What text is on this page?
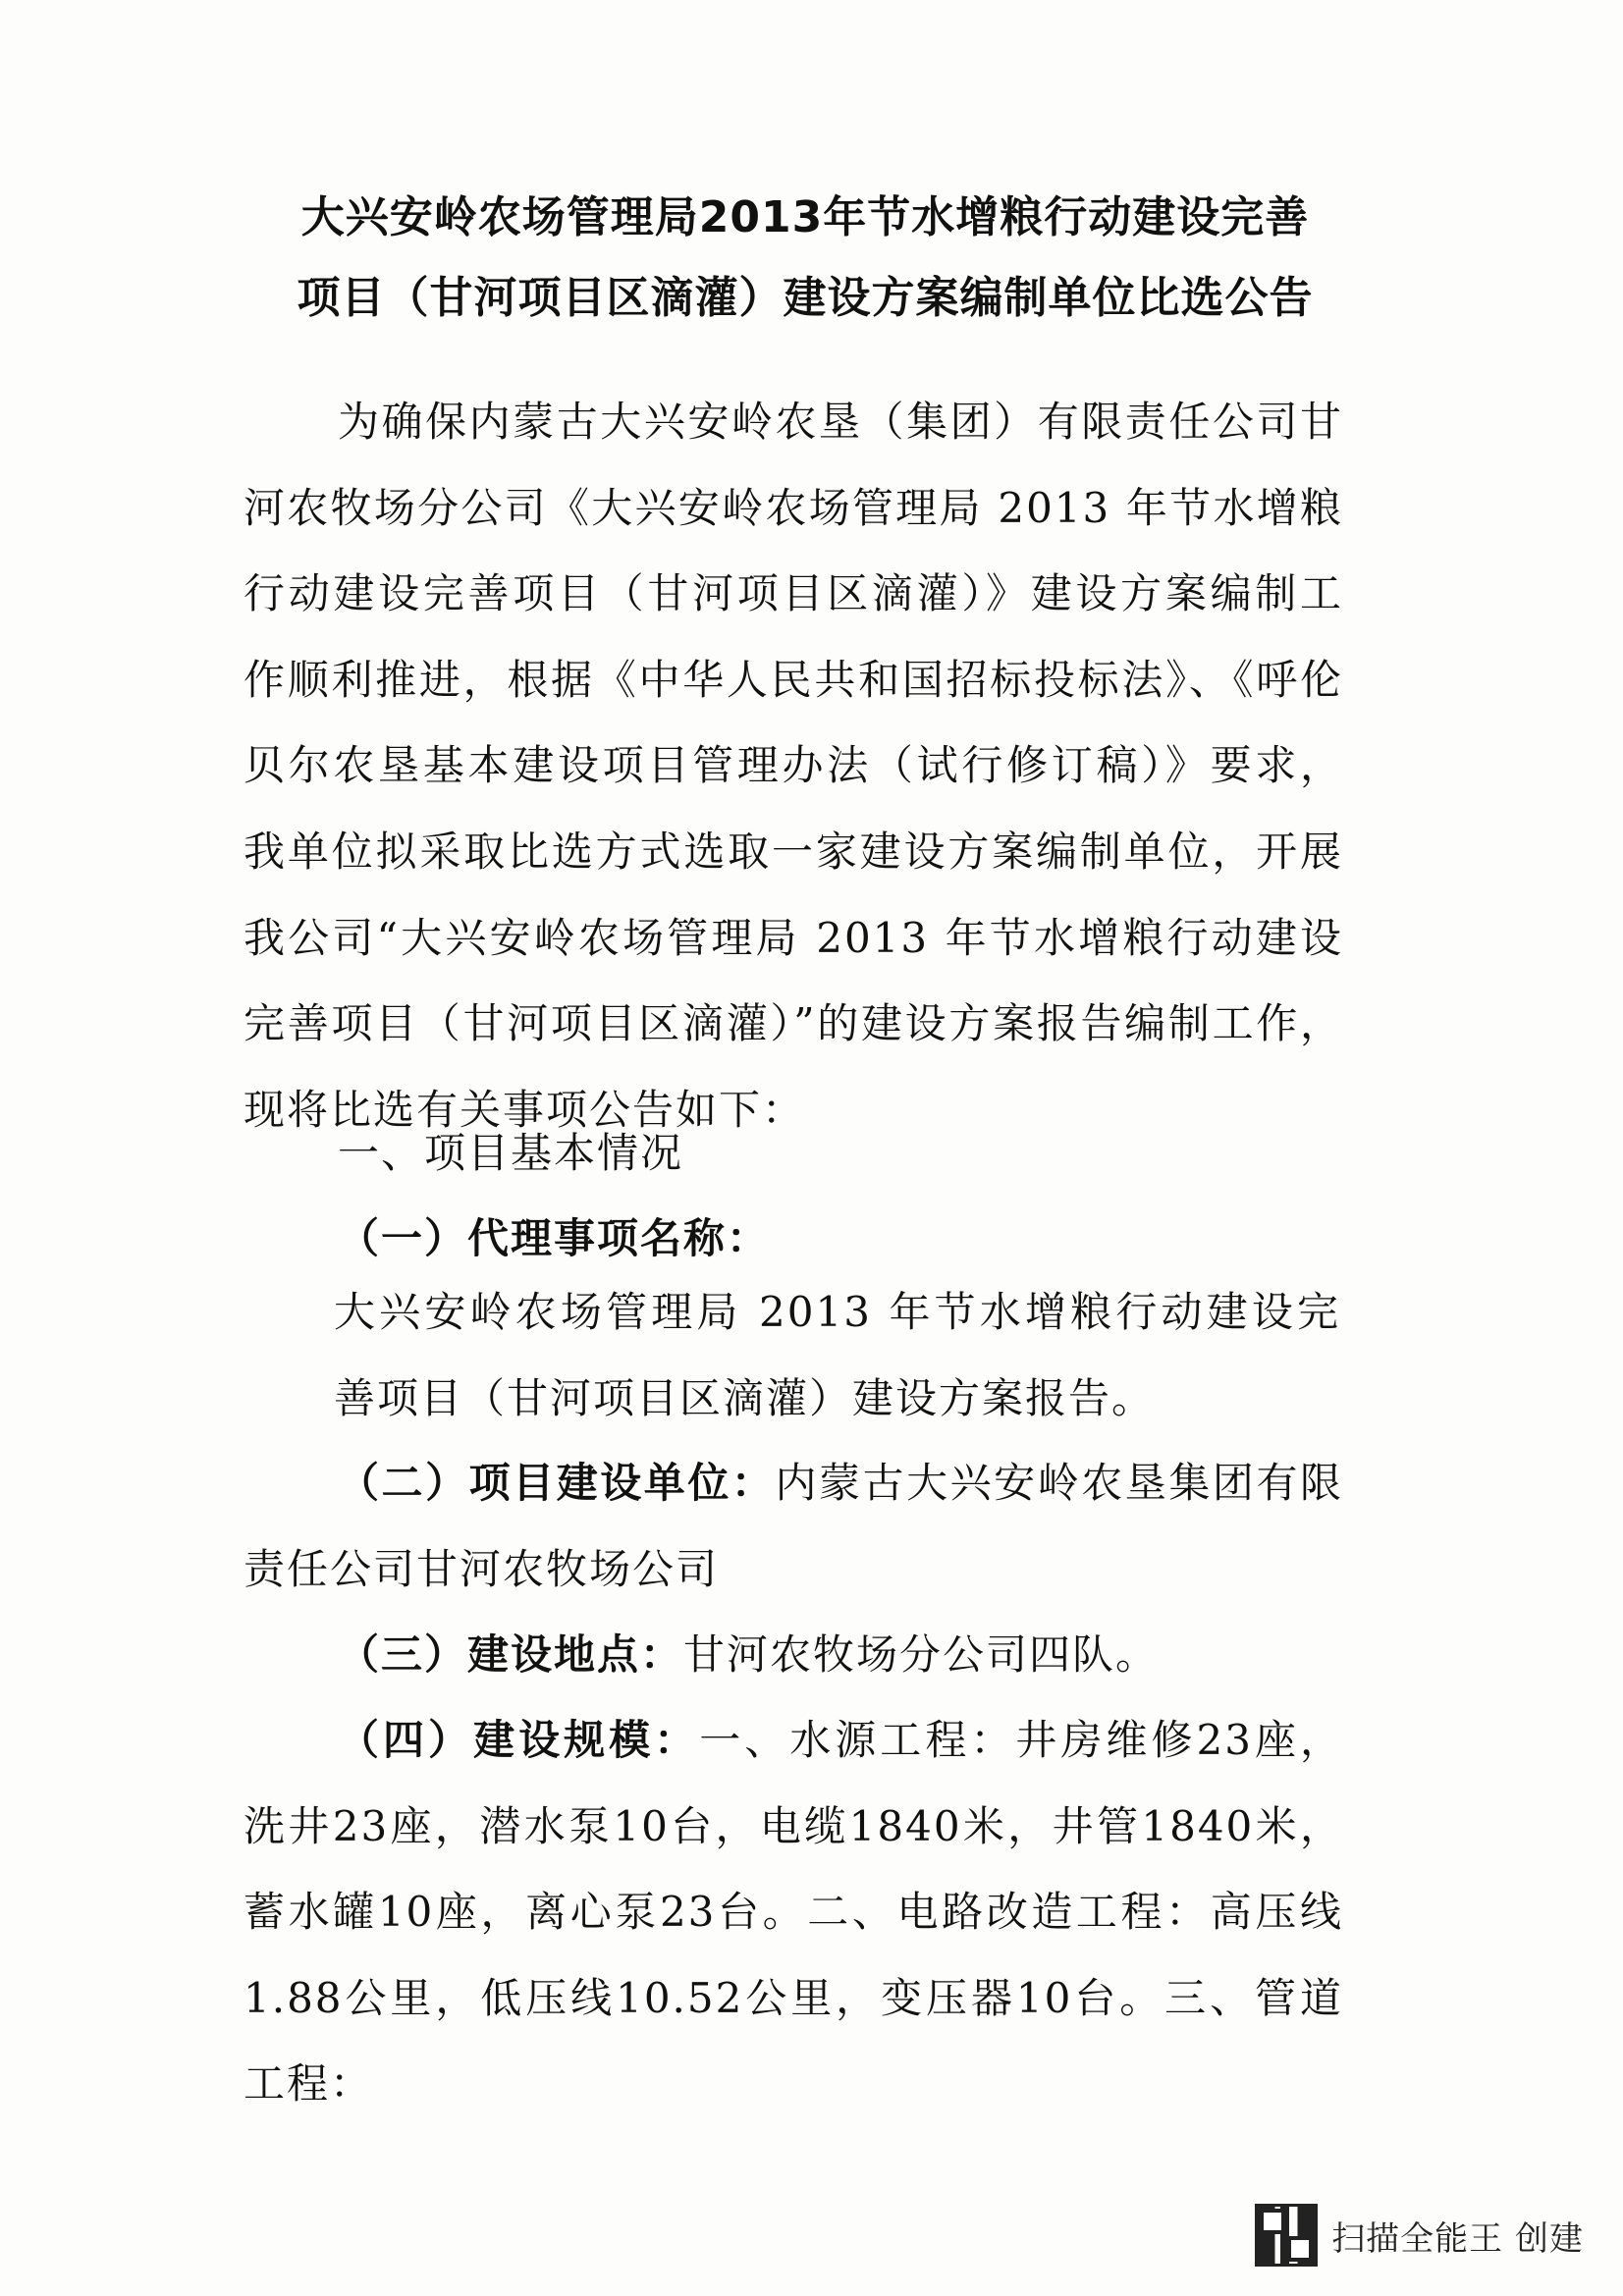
大兴安岭农场管理局2013年节水增粮行动建设完善
项目（甘河项目区滴灌）建设方案编制单位比选公告
为确保内蒙古大兴安岭农垦（集团）有限责任公司甘河农牧场分公司《大兴安岭农场管理局 2013 年节水增粮行动建设完善项目（甘河项目区滴灌）》建设方案编制工作顺利推进，根据《中华人民共和国招标投标法》、《呼伦贝尔农垦基本建设项目管理办法（试行修订稿）》要求，我单位拟采取比选方式选取一家建设方案编制单位，开展我公司“大兴安岭农场管理局 2013 年节水增粮行动建设完善项目（甘河项目区滴灌）”的建设方案报告编制工作，现将比选有关事项公告如下：
一、项目基本情况
（一）代理事项名称：
大兴安岭农场管理局 2013 年节水增粮行动建设完善项目（甘河项目区滴灌）建设方案报告。
（二）项目建设单位：内蒙古大兴安岭农垦集团有限责任公司甘河农牧场公司
（三）建设地点：甘河农牧场分公司四队。
（四）建设规模：一、水源工程：井房维修23座，洗井23座，潜水泵10台，电缆1840米，井管1840米，蓄水罐10座，离心泵23台。二、电路改造工程：高压线1.88公里，低压线10.52公里，变压器10台。三、管道工程：
扫描全能王 创建
